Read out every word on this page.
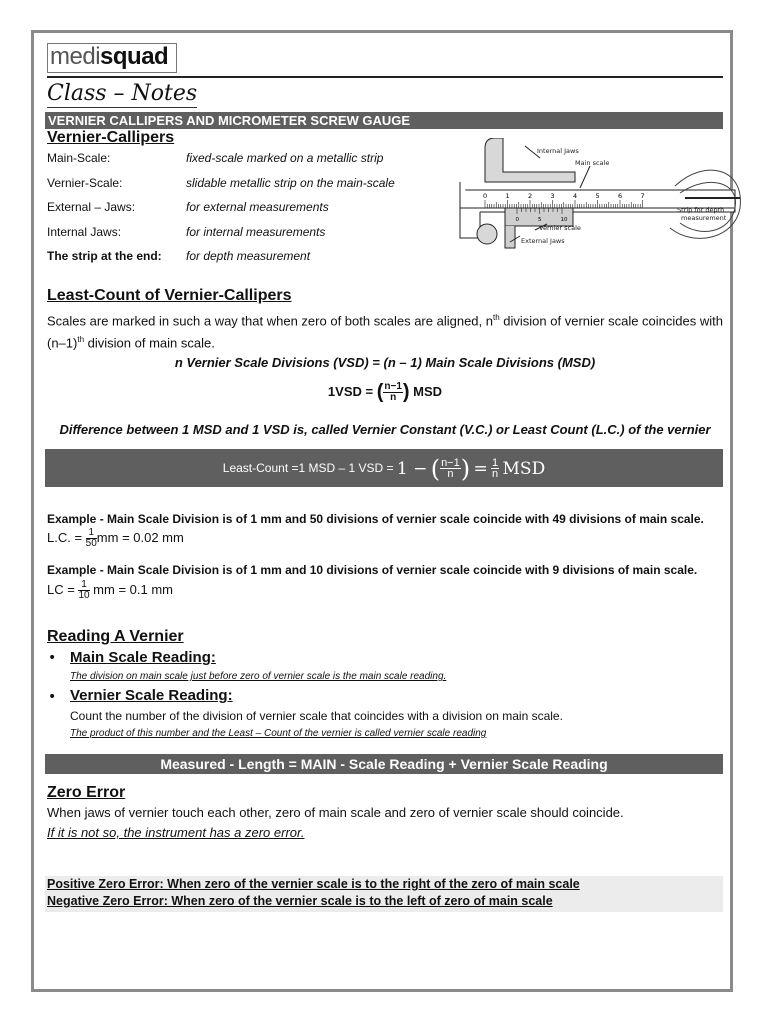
medisquad
Class – Notes
VERNIER CALLIPERS AND MICROMETER SCREW GAUGE
Vernier-Callipers
Main-Scale:	fixed-scale marked on a metallic strip
Vernier-Scale:	slidable metallic strip on the main-scale
External – Jaws:	for external measurements
Internal Jaws:	for internal measurements
The strip at the end: for depth measurement
0	1	2	3	4	5	6	7
0	5	10
Internal Jaws
Main scale
Strip for depth
measurement
Vernier scale
External Jaws
Least-Count of Vernier-Callipers
Scales are marked in such a way that when zero of both scales are aligned, $n^{th}$ division of vernier scale coincides with $(n-1)^{th}$ division of main scale.
n Vernier Scale Divisions (VSD) = (n – 1) Main Scale Divisions (MSD)
1VSD = ( $\frac{n-1}{n}$ ) MSD
Difference between 1 MSD and 1 VSD is, called Vernier Constant (V.C.) or Least Count (L.C.) of the vernier
Least-Count =1 MSD – 1 VSD = 1 − ( $\frac{n-1}{n}$ ) = $\frac{1}{n}$ MSD
Example - Main Scale Division is of 1 mm and 50 divisions of vernier scale coincide with 49 divisions of main scale.
L.C. = $\frac{1}{50}$ mm = 0.02 mm
Example - Main Scale Division is of 1 mm and 10 divisions of vernier scale coincide with 9 divisions of main scale.
LC = $\frac{1}{10}$ mm = 0.1 mm
Reading A Vernier
• Main Scale Reading:
The division on main scale just before zero of vernier scale is the main scale reading.
• Vernier Scale Reading:
Count the number of the division of vernier scale that coincides with a division on main scale.
The product of this number and the Least – Count of the vernier is called vernier scale reading
Measured - Length = MAIN - Scale Reading + Vernier Scale Reading
Zero Error
When jaws of vernier touch each other, zero of main scale and zero of vernier scale should coincide.
If it is not so, the instrument has a zero error.
Positive Zero Error: When zero of the vernier scale is to the right of the zero of main scale
Negative Zero Error: When zero of the vernier scale is to the left of zero of main scale
